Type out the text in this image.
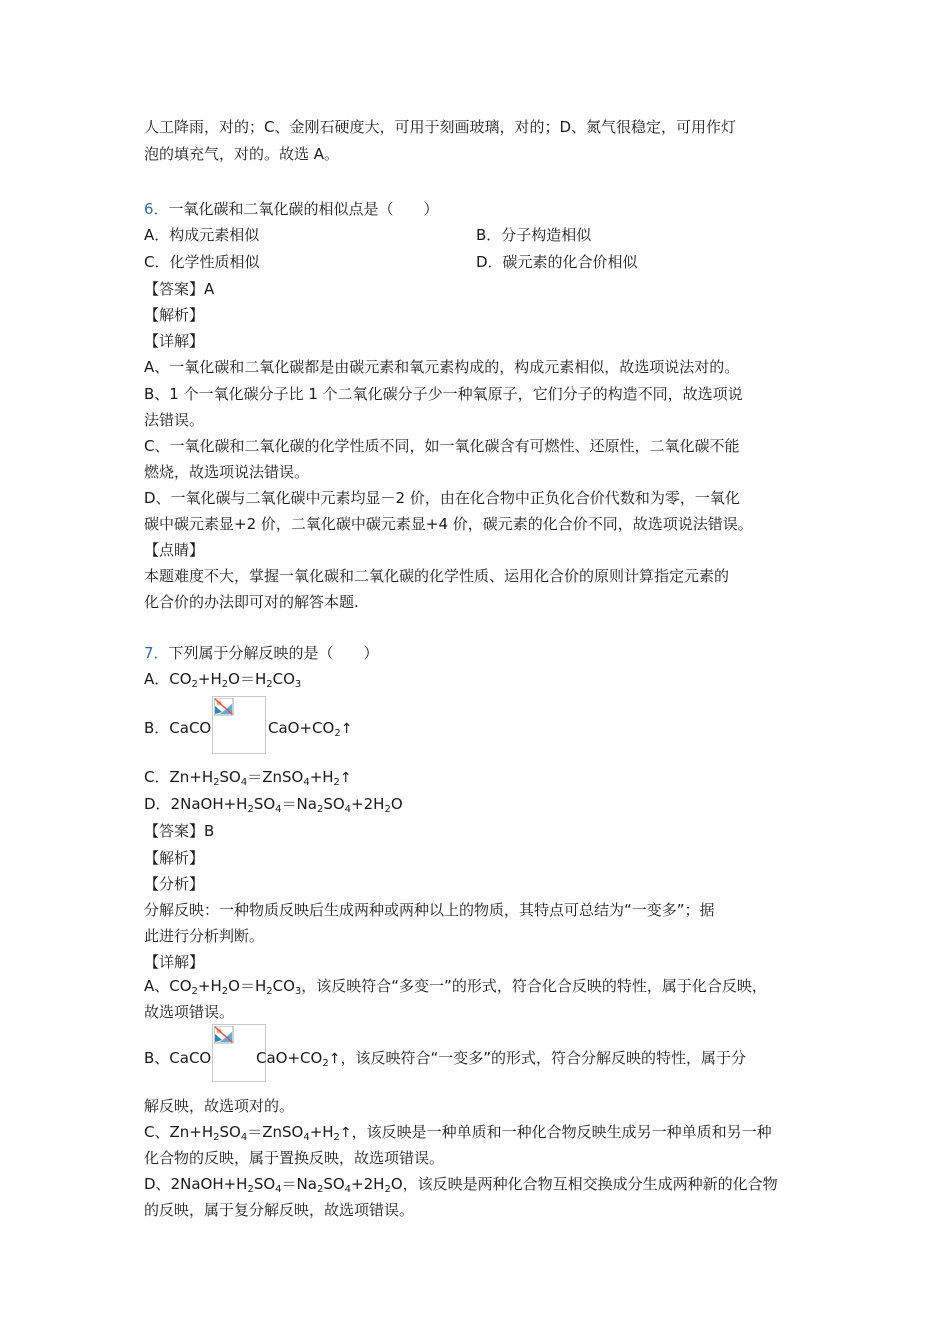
人工降雨，对的；C、金刚石硬度大，可用于刻画玻璃，对的；D、氮气很稳定，可用作灯
泡的填充气，对的。故选 A。
6．一氧化碳和二氧化碳的相似点是（　　）
A．构成元素相似	B．分子构造相似
C．化学性质相似	D．碳元素的化合价相似
【答案】A
【解析】
【详解】
A、一氧化碳和二氧化碳都是由碳元素和氧元素构成的，构成元素相似，故选项说法对的。
B、1 个一氧化碳分子比 1 个二氧化碳分子少一种氧原子，它们分子的构造不同，故选项说
法错误。
C、一氧化碳和二氧化碳的化学性质不同，如一氧化碳含有可燃性、还原性，二氧化碳不能
燃烧，故选项说法错误。
D、一氧化碳与二氧化碳中元素均显－2 价，由在化合物中正负化合价代数和为零，一氧化
碳中碳元素显+2 价，二氧化碳中碳元素显+4 价，碳元素的化合价不同，故选项说法错误。
【点睛】
本题难度不大，掌握一氧化碳和二氧化碳的化学性质、运用化合价的原则计算指定元素的
化合价的办法即可对的解答本题.
7．下列属于分解反映的是（　　）
A．$CO_2+H_2O=H_2CO_3$
B．CaCO	$CaO+CO_2↑$
C．$Zn+H_2SO_4=ZnSO_4+H_2↑$
D．$2NaOH+H_2SO_4=Na_2SO_4+2H_2O$
【答案】B
【解析】
【分析】
分解反映：一种物质反映后生成两种或两种以上的物质，其特点可总结为“一变多”；据
此进行分析判断。
【详解】
A、$CO_2+H_2O=H_2CO_3$，该反映符合“多变一”的形式，符合化合反映的特性，属于化合反映，
故选项错误。
B、CaCO	$CaO+CO_2↑$，该反映符合“一变多”的形式，符合分解反映的特性，属于分
解反映，故选项对的。
C、$Zn+H_2SO_4=ZnSO_4+H_2↑$，该反映是一种单质和一种化合物反映生成另一种单质和另一种
化合物的反映，属于置换反映，故选项错误。
D、$2NaOH+H_2SO_4=Na_2SO_4+2H_2O$，该反映是两种化合物互相交换成分生成两种新的化合物
的反映，属于复分解反映，故选项错误。
